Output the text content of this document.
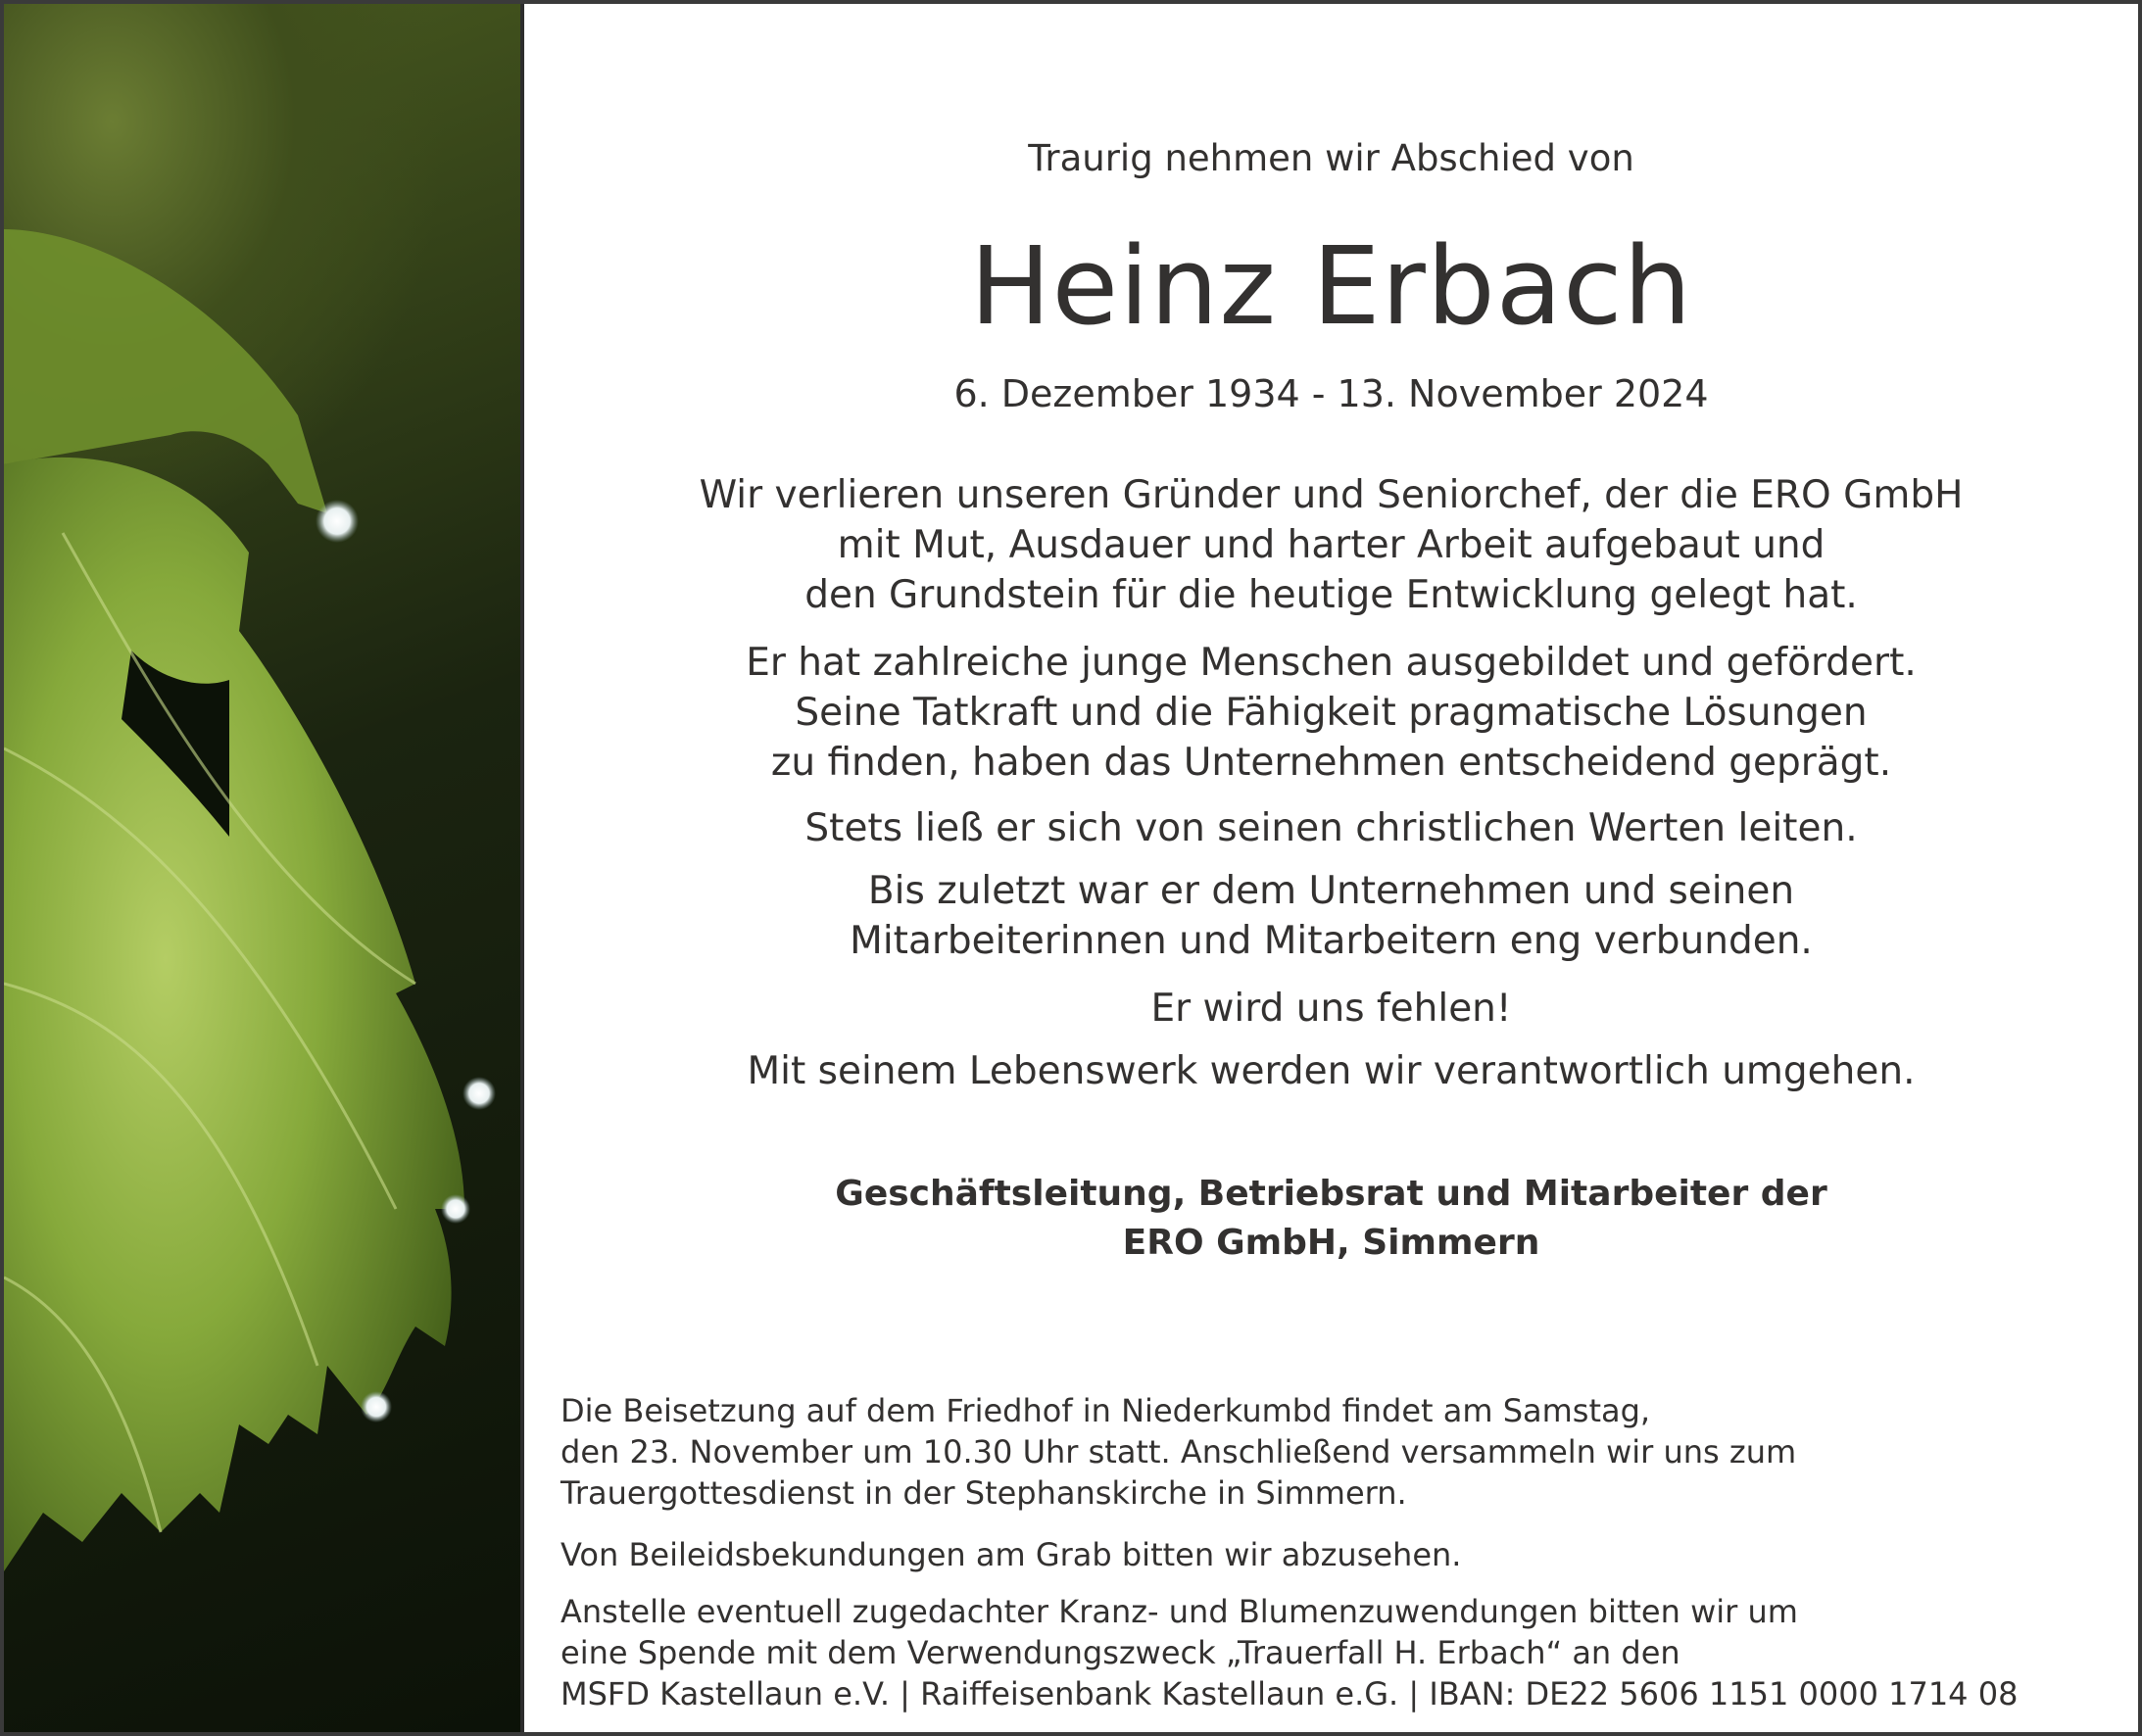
Traurig nehmen wir Abschied von
Heinz Erbach
6. Dezember 1934 - 13. November 2024
Wir verlieren unseren Gründer und Seniorchef, der die ERO GmbH
mit Mut, Ausdauer und harter Arbeit aufgebaut und
den Grundstein für die heutige Entwicklung gelegt hat.
Er hat zahlreiche junge Menschen ausgebildet und gefördert.
Seine Tatkraft und die Fähigkeit pragmatische Lösungen
zu finden, haben das Unternehmen entscheidend geprägt.
Stets ließ er sich von seinen christlichen Werten leiten.
Bis zuletzt war er dem Unternehmen und seinen
Mitarbeiterinnen und Mitarbeitern eng verbunden.
Er wird uns fehlen!
Mit seinem Lebenswerk werden wir verantwortlich umgehen.
Geschäftsleitung, Betriebsrat und Mitarbeiter der
ERO GmbH, Simmern
Die Beisetzung auf dem Friedhof in Niederkumbd findet am Samstag,
den 23. November um 10.30 Uhr statt. Anschließend versammeln wir uns zum
Trauergottesdienst in der Stephanskirche in Simmern.
Von Beileidsbekundungen am Grab bitten wir abzusehen.
Anstelle eventuell zugedachter Kranz- und Blumenzuwendungen bitten wir um
eine Spende mit dem Verwendungszweck „Trauerfall H. Erbach“ an den
MSFD Kastellaun e.V. | Raiffeisenbank Kastellaun e.G. | IBAN: DE22 5606 1151 0000 1714 08
